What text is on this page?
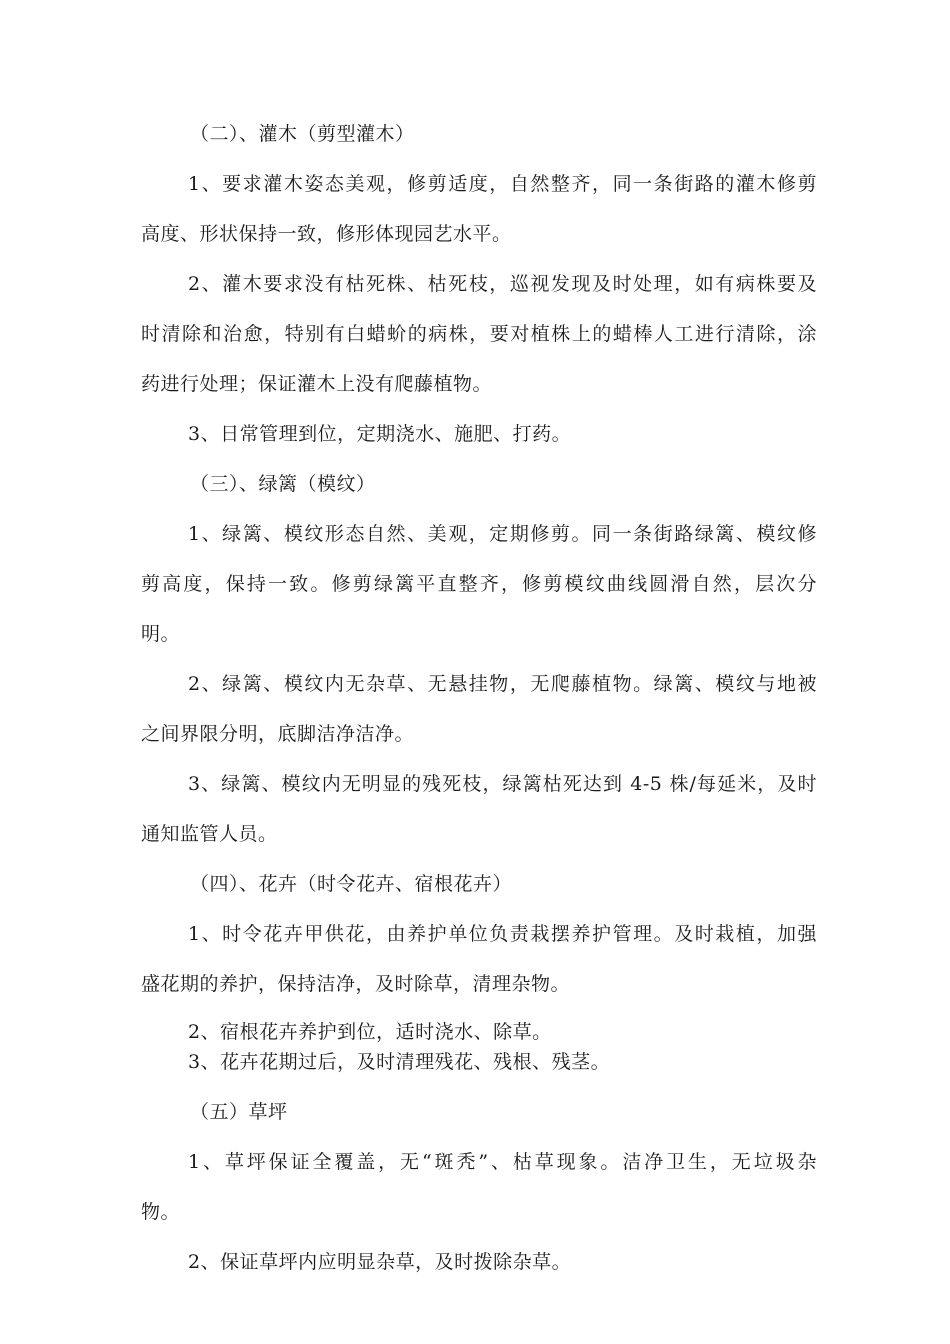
（二）、灌木（剪型灌木）
1、要求灌木姿态美观，修剪适度，自然整齐，同一条街路的灌木修剪
高度、形状保持一致，修形体现园艺水平。
2、灌木要求没有枯死株、枯死枝，巡视发现及时处理，如有病株要及
时清除和治愈，特别有白蜡蚧的病株，要对植株上的蜡棒人工进行清除，涂
药进行处理；保证灌木上没有爬藤植物。
3、日常管理到位，定期浇水、施肥、打药。
（三）、绿篱（模纹）
1、绿篱、模纹形态自然、美观，定期修剪。同一条街路绿篱、模纹修
剪高度，保持一致。修剪绿篱平直整齐，修剪模纹曲线圆滑自然，层次分
明。
2、绿篱、模纹内无杂草、无悬挂物，无爬藤植物。绿篱、模纹与地被
之间界限分明，底脚洁净洁净。
3、绿篱、模纹内无明显的残死枝，绿篱枯死达到 4-5 株/每延米，及时
通知监管人员。
（四）、花卉（时令花卉、宿根花卉）
1、时令花卉甲供花，由养护单位负责栽摆养护管理。及时栽植，加强
盛花期的养护，保持洁净，及时除草，清理杂物。
2、宿根花卉养护到位，适时浇水、除草。
3、花卉花期过后，及时清理残花、残根、残茎。
（五）草坪
1、草坪保证全覆盖，无“斑秃”、枯草现象。洁净卫生，无垃圾杂
物。
2、保证草坪内应明显杂草，及时拨除杂草。
